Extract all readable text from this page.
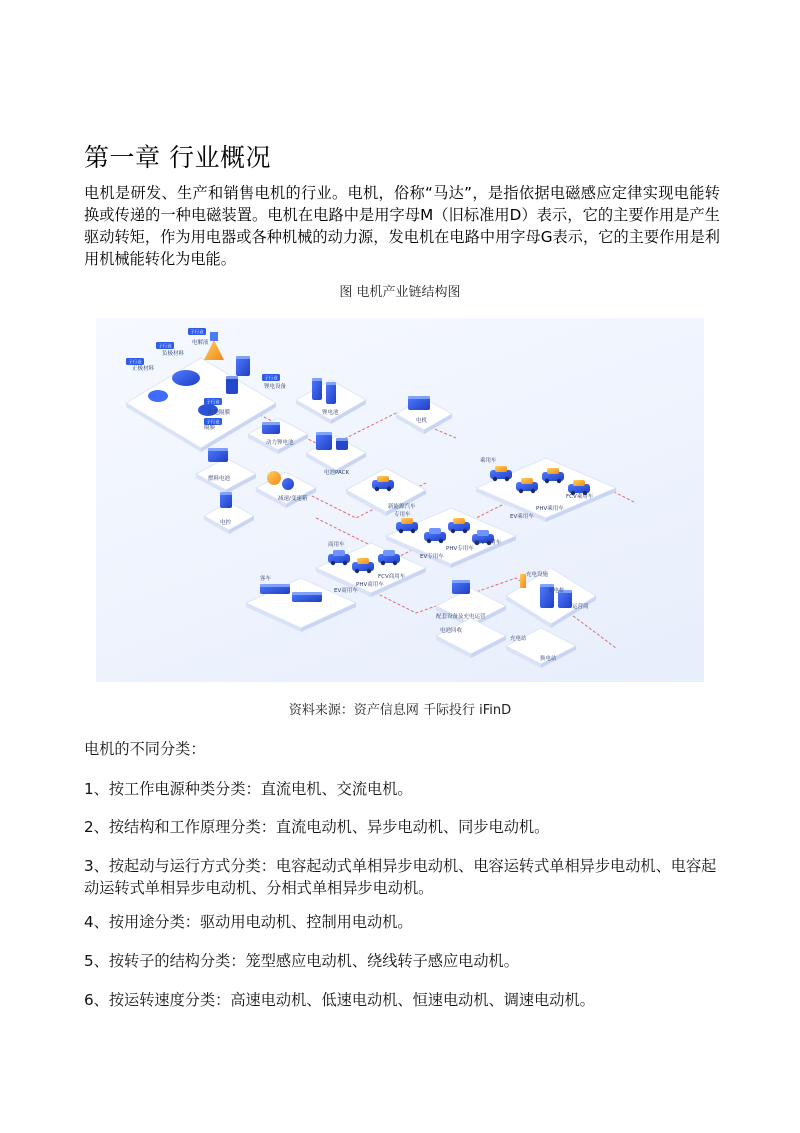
第一章 行业概况

电机是研发、生产和销售电机的行业。电机，俗称“马达”，是指依据电磁感应定律实现电能转换或传递的一种电磁装置。电机在电路中是用字母M（旧标准用D）表示，它的主要作用是产生驱动转矩，作为用电器或各种机械的动力源，发电机在电路中用字母G表示，它的主要作用是利用机械能转化为电能。

图 电机产业链结构图
子行业
电解液
子行业
负极材料
子行业
正极材料
子行业
电池隔膜
子行业
隔膜
子行业
锂电设备
锂电池
电机
动力锂电池
燃料电池
电池PACK
减速/变速箱
电控
新能源汽车
乘用车
FCV乘用车
PHV乘用车
EV乘用车
专用车
FCV专用车
PHV专用车
EV专用车
商用车
FCV商用车
PHV商用车
EV商用车
客车
配套设备及充电运营
充电设施
充电桩
运营商
电池回收
充电站
换电站
资料来源：资产信息网 千际投行 iFinD

电机的不同分类：

1、按工作电源种类分类：直流电机、交流电机。

2、按结构和工作原理分类：直流电动机、异步电动机、同步电动机。

3、按起动与运行方式分类：电容起动式单相异步电动机、电容运转式单相异步电动机、电容起动运转式单相异步电动机、分相式单相异步电动机。

4、按用途分类：驱动用电动机、控制用电动机。

5、按转子的结构分类：笼型感应电动机、绕线转子感应电动机。

6、按运转速度分类：高速电动机、低速电动机、恒速电动机、调速电动机。
